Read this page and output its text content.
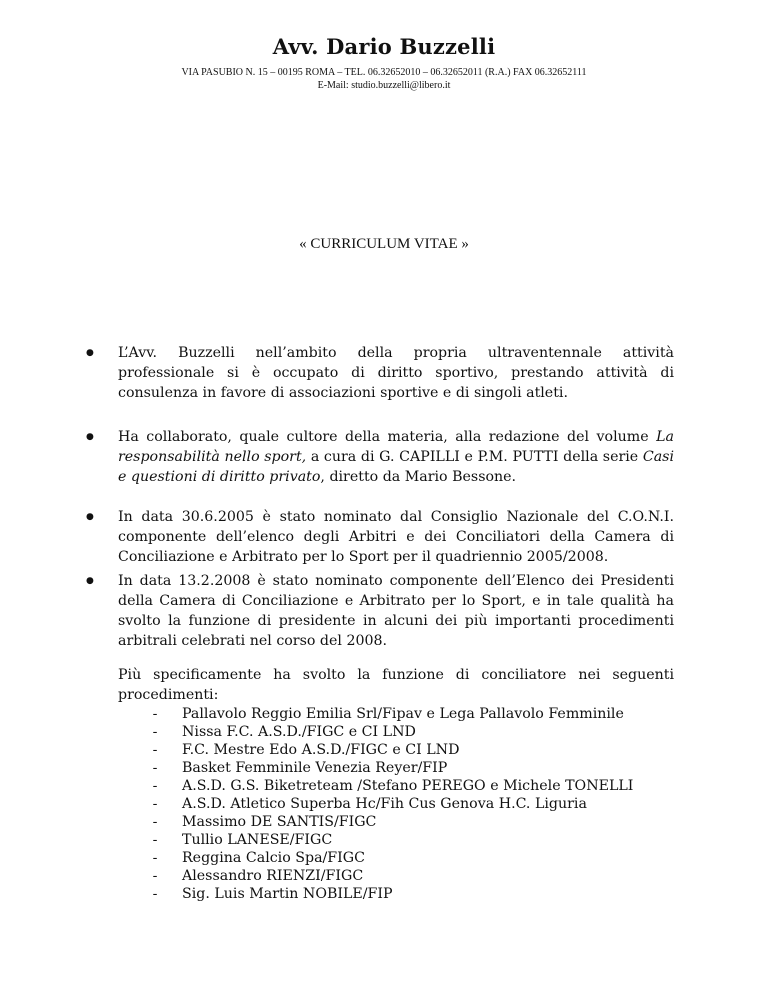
Avv. Dario Buzzelli
VIA PASUBIO N. 15 – 00195 ROMA – TEL. 06.32652010 – 06.32652011 (R.A.) FAX 06.32652111
E-Mail: studio.buzzelli@libero.it
« CURRICULUM VITAE »
● L’Avv. Buzzelli nell’ambito della propria ultraventennale attività professionale si è occupato di diritto sportivo, prestando attività di consulenza in favore di associazioni sportive e di singoli atleti.

● Ha collaborato, quale cultore della materia, alla redazione del volume La responsabilità nello sport, a cura di G. CAPILLI e P.M. PUTTI della serie Casi e questioni di diritto privato, diretto da Mario Bessone.

● In data 30.6.2005 è stato nominato dal Consiglio Nazionale del C.O.N.I. componente dell’elenco degli Arbitri e dei Conciliatori della Camera di Conciliazione e Arbitrato per lo Sport per il quadriennio 2005/2008.

● In data 13.2.2008 è stato nominato componente dell’Elenco dei Presidenti della Camera di Conciliazione e Arbitrato per lo Sport, e in tale qualità ha svolto la funzione di presidente in alcuni dei più importanti procedimenti arbitrali celebrati nel corso del 2008.

Più specificamente ha svolto la funzione di conciliatore nei seguenti procedimenti:
- Pallavolo Reggio Emilia Srl/Fipav e Lega Pallavolo Femminile
- Nissa F.C. A.S.D./FIGC e CI LND
- F.C. Mestre Edo A.S.D./FIGC e CI LND
- Basket Femminile Venezia Reyer/FIP
- A.S.D. G.S. Biketreteam /Stefano PEREGO e Michele TONELLI
- A.S.D. Atletico Superba Hc/Fih Cus Genova H.C. Liguria
- Massimo DE SANTIS/FIGC
- Tullio LANESE/FIGC
- Reggina Calcio Spa/FIGC
- Alessandro RIENZI/FIGC
- Sig. Luis Martin NOBILE/FIP
